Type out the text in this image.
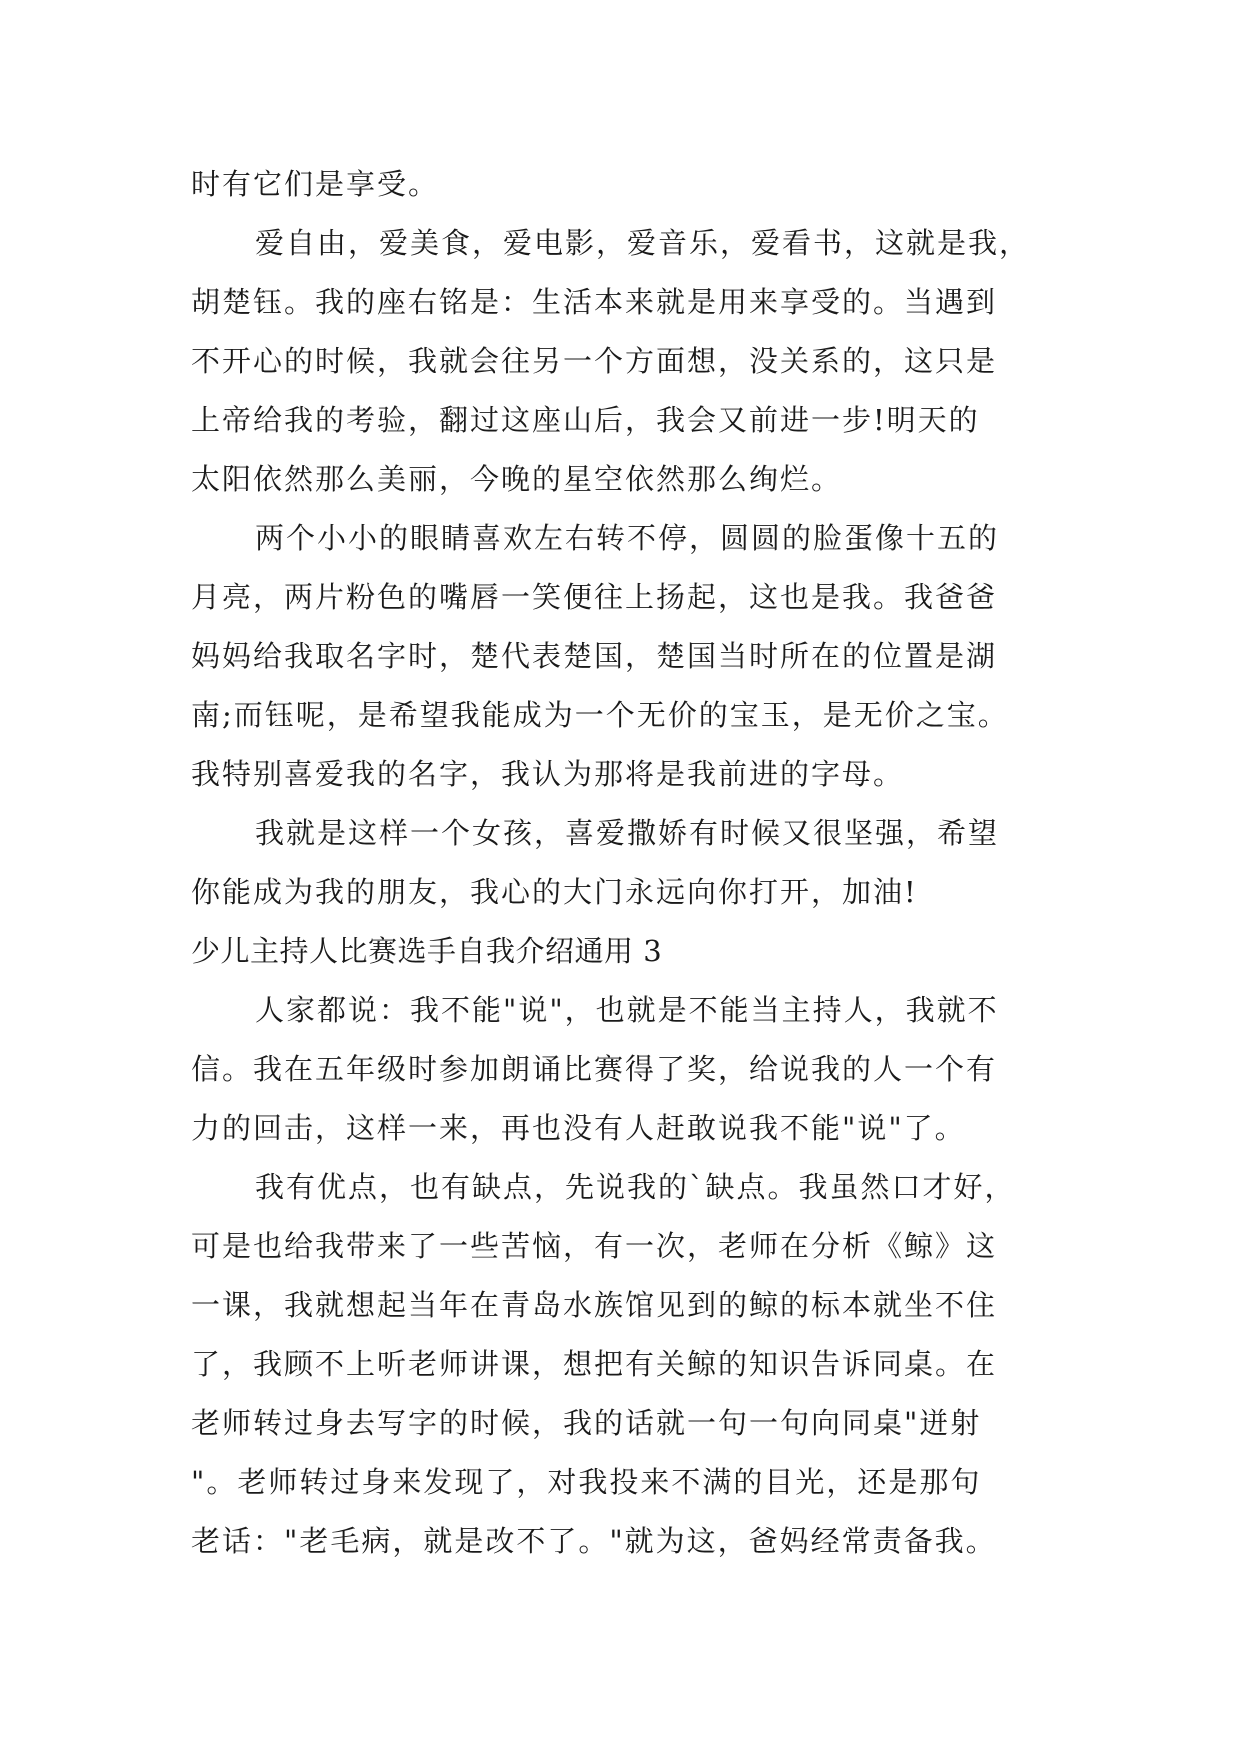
时有它们是享受。
爱自由，爱美食，爱电影，爱音乐，爱看书，这就是我，
胡楚钰。我的座右铭是：生活本来就是用来享受的。当遇到
不开心的时候，我就会往另一个方面想，没关系的，这只是
上帝给我的考验，翻过这座山后，我会又前进一步!明天的
太阳依然那么美丽，今晚的星空依然那么绚烂。
两个小小的眼睛喜欢左右转不停，圆圆的脸蛋像十五的
月亮，两片粉色的嘴唇一笑便往上扬起，这也是我。我爸爸
妈妈给我取名字时，楚代表楚国，楚国当时所在的位置是湖
南;而钰呢，是希望我能成为一个无价的宝玉，是无价之宝。
我特别喜爱我的名字，我认为那将是我前进的字母。
我就是这样一个女孩，喜爱撒娇有时候又很坚强，希望
你能成为我的朋友，我心的大门永远向你打开，加油!
少儿主持人比赛选手自我介绍通用 3
人家都说：我不能"说"，也就是不能当主持人，我就不
信。我在五年级时参加朗诵比赛得了奖，给说我的人一个有
力的回击，这样一来，再也没有人赶敢说我不能"说"了。
我有优点，也有缺点，先说我的`缺点。我虽然口才好，
可是也给我带来了一些苦恼，有一次，老师在分析《鲸》这
一课，我就想起当年在青岛水族馆见到的鲸的标本就坐不住
了，我顾不上听老师讲课，想把有关鲸的知识告诉同桌。在
老师转过身去写字的时候，我的话就一句一句向同桌"迸射
"。老师转过身来发现了，对我投来不满的目光，还是那句
老话："老毛病，就是改不了。"就为这，爸妈经常责备我。
